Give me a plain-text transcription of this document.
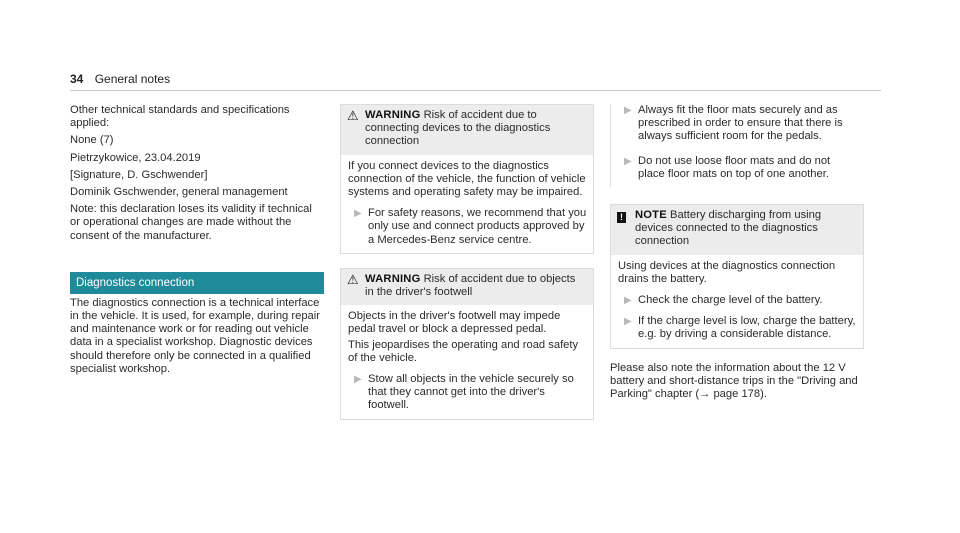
34 General notes

Other technical standards and specifications applied:

None (7)

Pietrzykowice, 23.04.2019

[Signature, D. Gschwender]

Dominik Gschwender, general management

Note: this declaration loses its validity if technical or operational changes are made without the consent of the manufacturer.

Diagnostics connection

The diagnostics connection is a technical interface in the vehicle. It is used, for example, during repair and maintenance work or for reading out vehicle data in a specialist workshop. Diagnostic devices should therefore only be connected in a qualified specialist workshop.

⚠ WARNING Risk of accident due to connecting devices to the diagnostics connection

If you connect devices to the diagnostics connection of the vehicle, the function of vehicle systems and operating safety may be impaired.

▶ For safety reasons, we recommend that you only use and connect products approved by a Mercedes-Benz service centre.
⚠ WARNING Risk of accident due to objects in the driver's footwell

Objects in the driver's footwell may impede pedal travel or block a depressed pedal.

This jeopardises the operating and road safety of the vehicle.

▶ Stow all objects in the vehicle securely so that they cannot get into the driver's footwell.
▶ Always fit the floor mats securely and as prescribed in order to ensure that there is always sufficient room for the pedals.
▶ Do not use loose floor mats and do not place floor mats on top of one another.
!	NOTE Battery discharging from using devices connected to the diagnostics connection

Using devices at the diagnostics connection drains the battery.

▶ Check the charge level of the battery.
▶ If the charge level is low, charge the battery, e.g. by driving a considerable distance.

Please also note the information about the 12 V battery and short-distance trips in the "Driving and Parking" chapter (→ page 178).
